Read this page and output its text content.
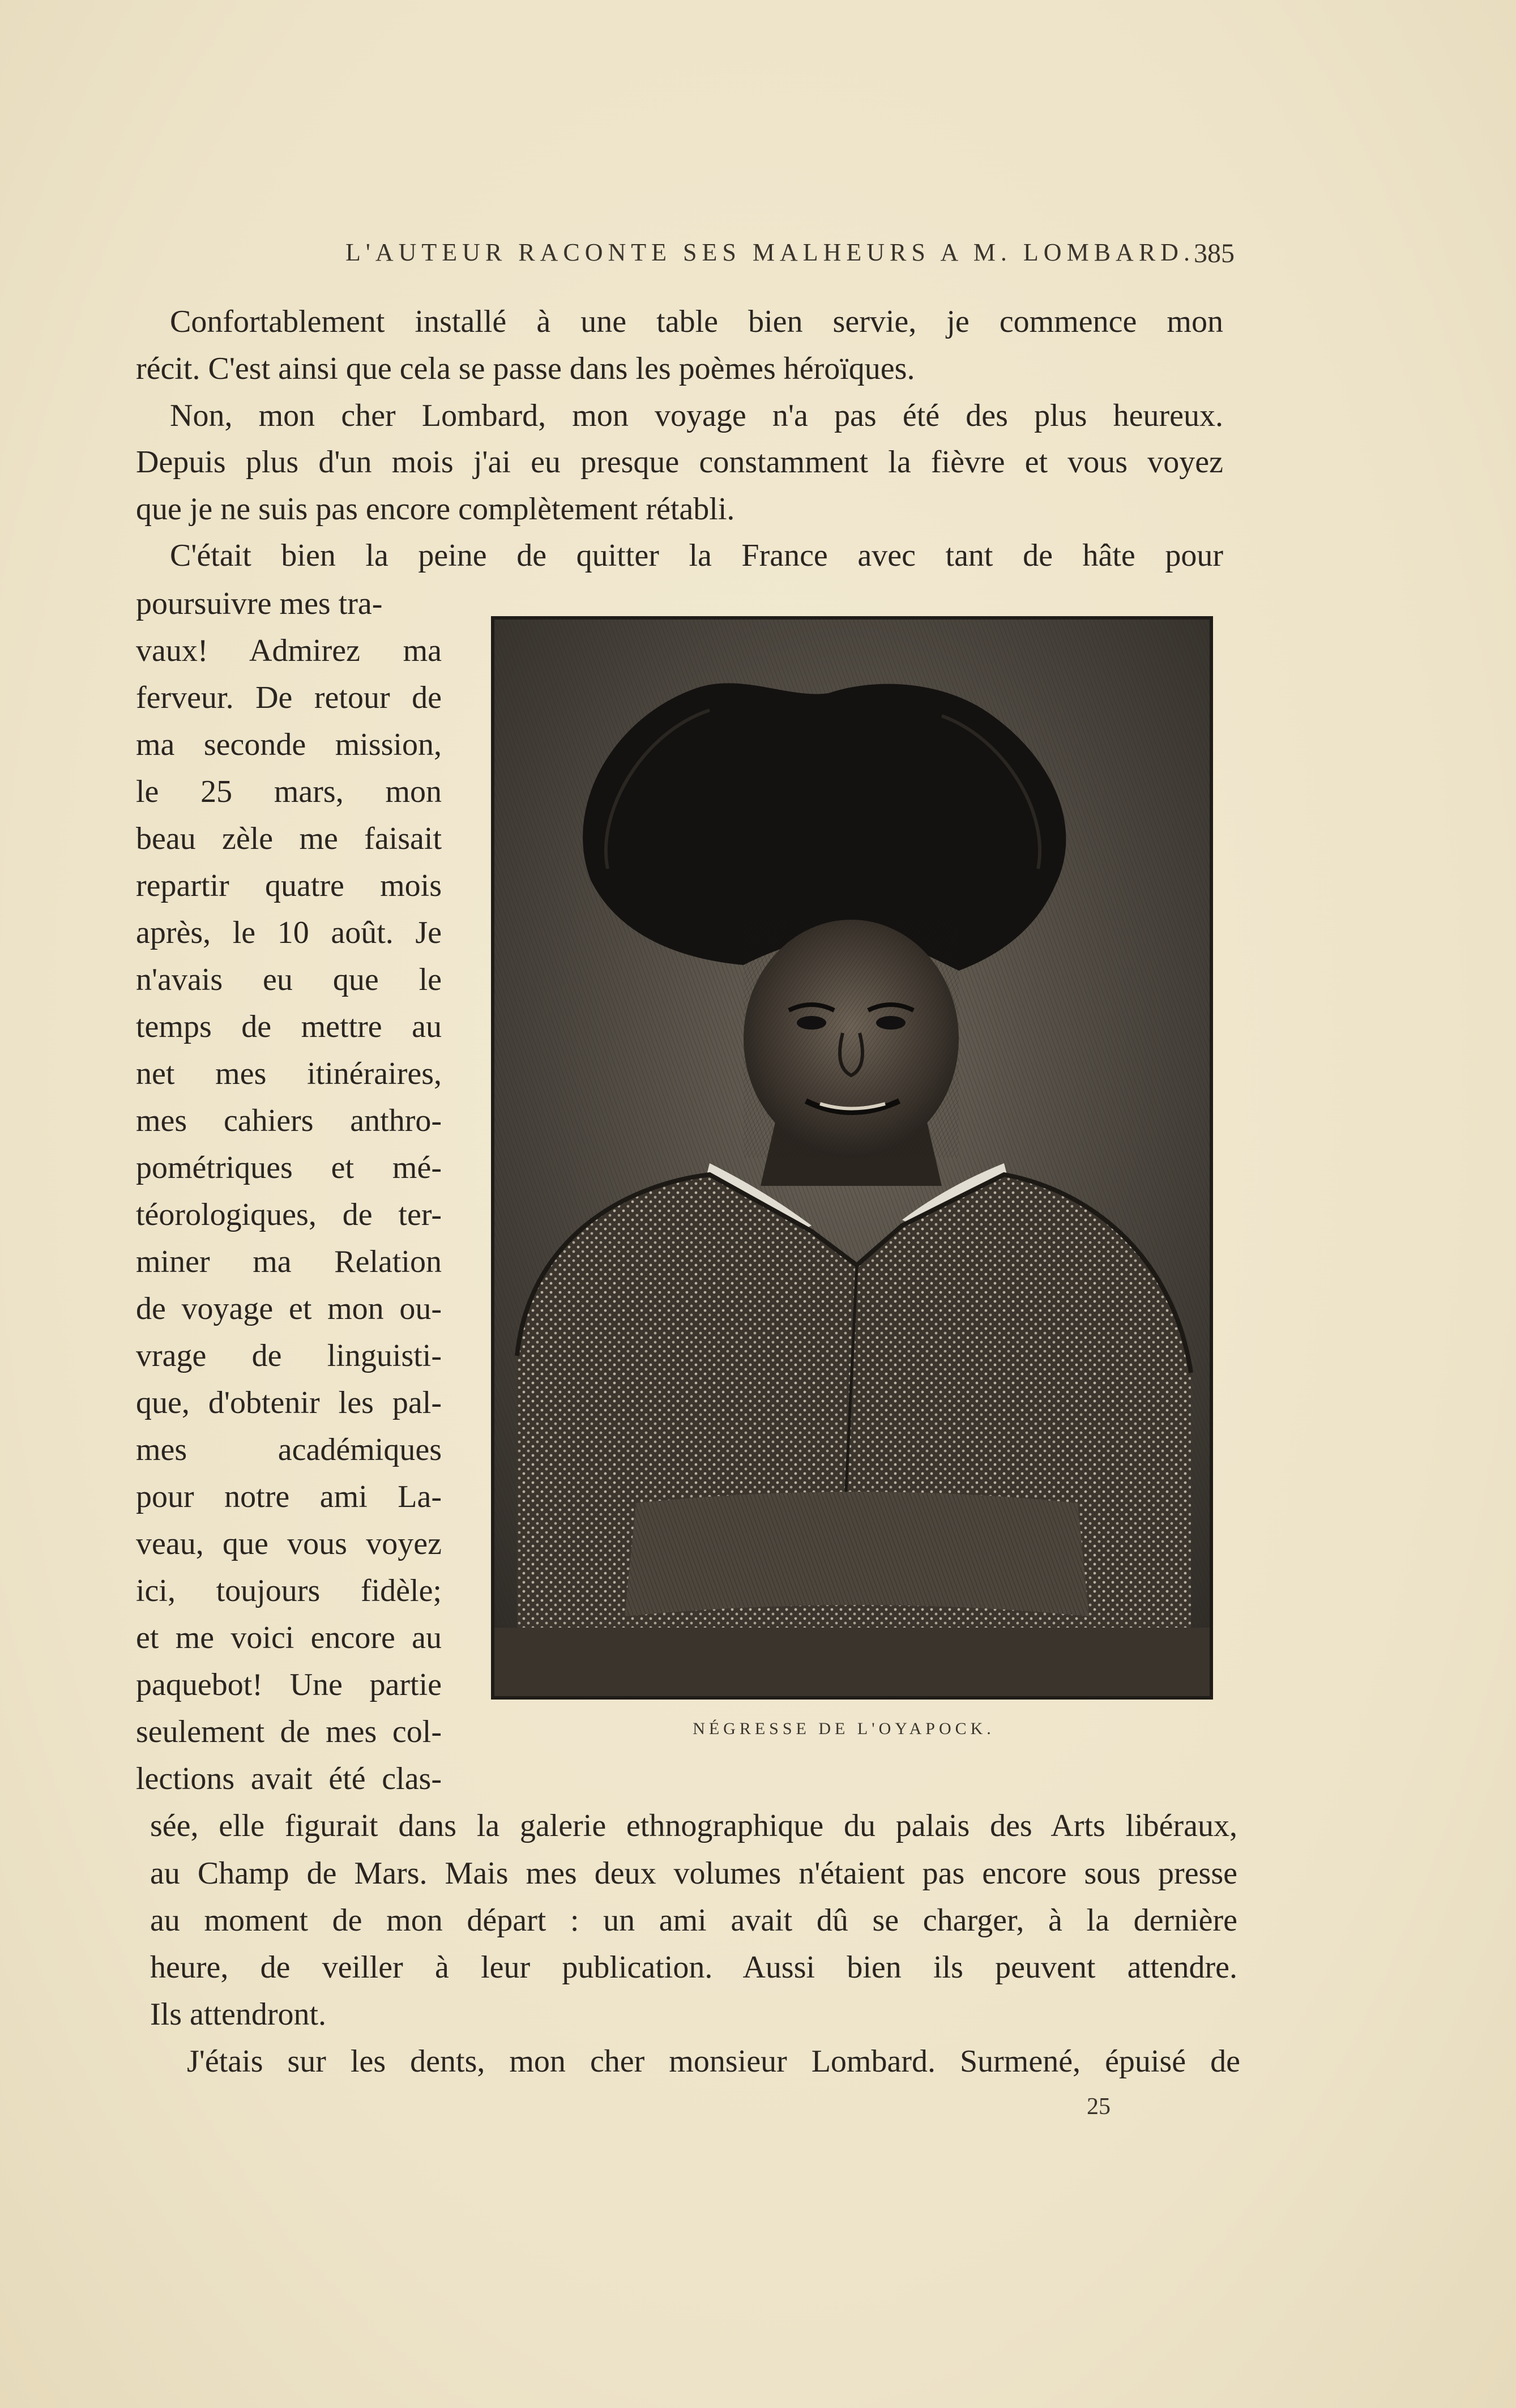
L'AUTEUR RACONTE SES MALHEURS A M. LOMBARD.
385
Confortablement installé à une table bien servie, je commence mon
récit. C'est ainsi que cela se passe dans les poèmes héroïques.
Non, mon cher Lombard, mon voyage n'a pas été des plus heureux.
Depuis plus d'un mois j'ai eu presque constamment la fièvre et vous voyez
que je ne suis pas encore complètement rétabli.
C'était bien la peine de quitter la France avec tant de hâte pour
poursuivre mes tra-
vaux! Admirez ma
ferveur. De retour de
ma seconde mission,
le 25 mars, mon
beau zèle me faisait
repartir quatre mois
après, le 10 août. Je
n'avais eu que le
temps de mettre au
net mes itinéraires,
mes cahiers anthro-
pométriques et mé-
téorologiques, de ter-
miner ma Relation
de voyage et mon ou-
vrage de linguisti-
que, d'obtenir les pal-
mes académiques
pour notre ami La-
veau, que vous voyez
ici, toujours fidèle;
et me voici encore au
paquebot! Une partie
seulement de mes col-
lections avait été clas-
NÉGRESSE DE L'OYAPOCK.
sée, elle figurait dans la galerie ethnographique du palais des Arts libéraux,
au Champ de Mars. Mais mes deux volumes n'étaient pas encore sous presse
au moment de mon départ : un ami avait dû se charger, à la dernière
heure, de veiller à leur publication. Aussi bien ils peuvent attendre.
Ils attendront.
J'étais sur les dents, mon cher monsieur Lombard. Surmené, épuisé de
25
